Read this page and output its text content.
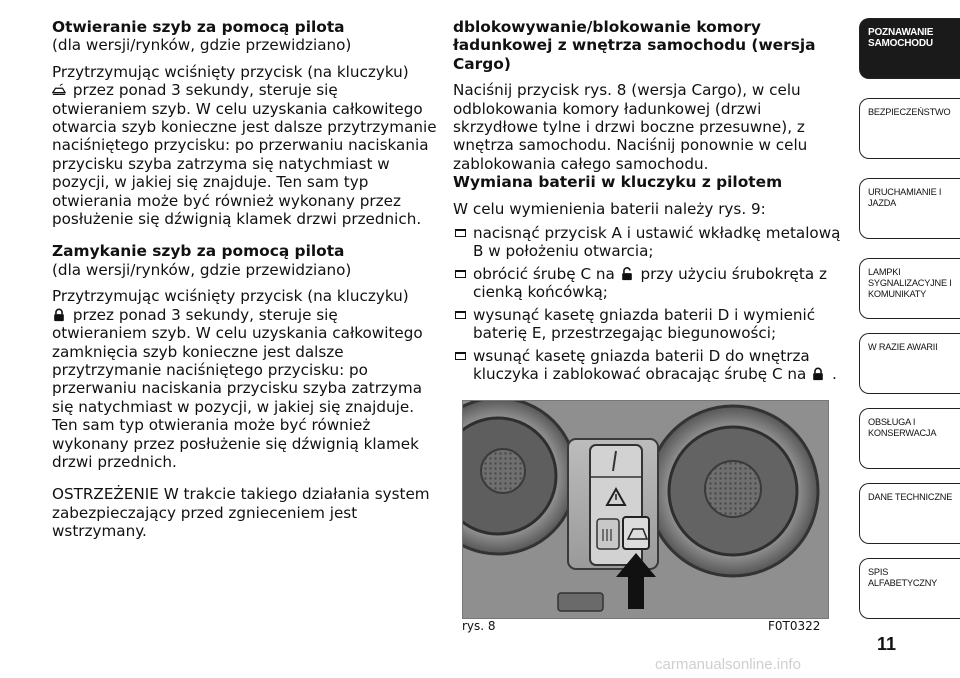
Otwieranie szyb za pomocą pilota
(dla wersji/rynków, gdzie przewidziano)
Przytrzymując wciśnięty przycisk (na kluczyku)
przez ponad 3 sekundy, steruje się otwieraniem szyb. W celu uzyskania całkowitego otwarcia szyb konieczne jest dalsze przytrzymanie naciśniętego przycisku: po przerwaniu naciskania przycisku szyba zatrzyma się natychmiast w pozycji, w jakiej się znajduje. Ten sam typ otwierania może być również wykonany przez posłużenie się dźwignią klamek drzwi przednich.
Zamykanie szyb za pomocą pilota
(dla wersji/rynków, gdzie przewidziano)
Przytrzymując wciśnięty przycisk (na kluczyku)
przez ponad 3 sekundy, steruje się otwieraniem szyb. W celu uzyskania całkowitego zamknięcia szyb konieczne jest dalsze przytrzymanie naciśniętego przycisku: po przerwaniu naciskania przycisku szyba zatrzyma się natychmiast w pozycji, w jakiej się znajduje. Ten sam typ otwierania może być również wykonany przez posłużenie się dźwignią klamek drzwi przednich.
OSTRZEŻENIE W trakcie takiego działania system zabezpieczający przed zgnieceniem jest wstrzymany.
dblokowywanie/blokowanie komory ładunkowej z wnętrza samochodu (wersja Cargo)
Naciśnij przycisk rys. 8 (wersja Cargo), w celu odblokowania komory ładunkowej (drzwi skrzydłowe tylne i drzwi boczne przesuwne), z wnętrza samochodu. Naciśnij ponownie w celu zablokowania całego samochodu.
Wymiana baterii w kluczyku z pilotem
W celu wymienienia baterii należy rys. 9:
nacisnąć przycisk A i ustawić wkładkę metalową B w położeniu otwarcia;
obrócić śrubę C na przy użyciu śrubokręta z cienką końcówką;
wysunąć kasetę gniazda baterii D i wymienić baterię E, przestrzegając biegunowości;
wsunąć kasetę gniazda baterii D do wnętrza kluczyka i zablokować obracając śrubę C na .
rys. 8	F0T0322
POZNAWANIE SAMOCHODU
BEZPIECZEŃSTWO
URUCHAMIANIE I JAZDA
LAMPKI SYGNALIZACYJNE I KOMUNIKATY
W RAZIE AWARII
OBSŁUGA I KONSERWACJA
DANE TECHNICZNE
SPIS ALFABETYCZNY
11
carmanualsonline.info
